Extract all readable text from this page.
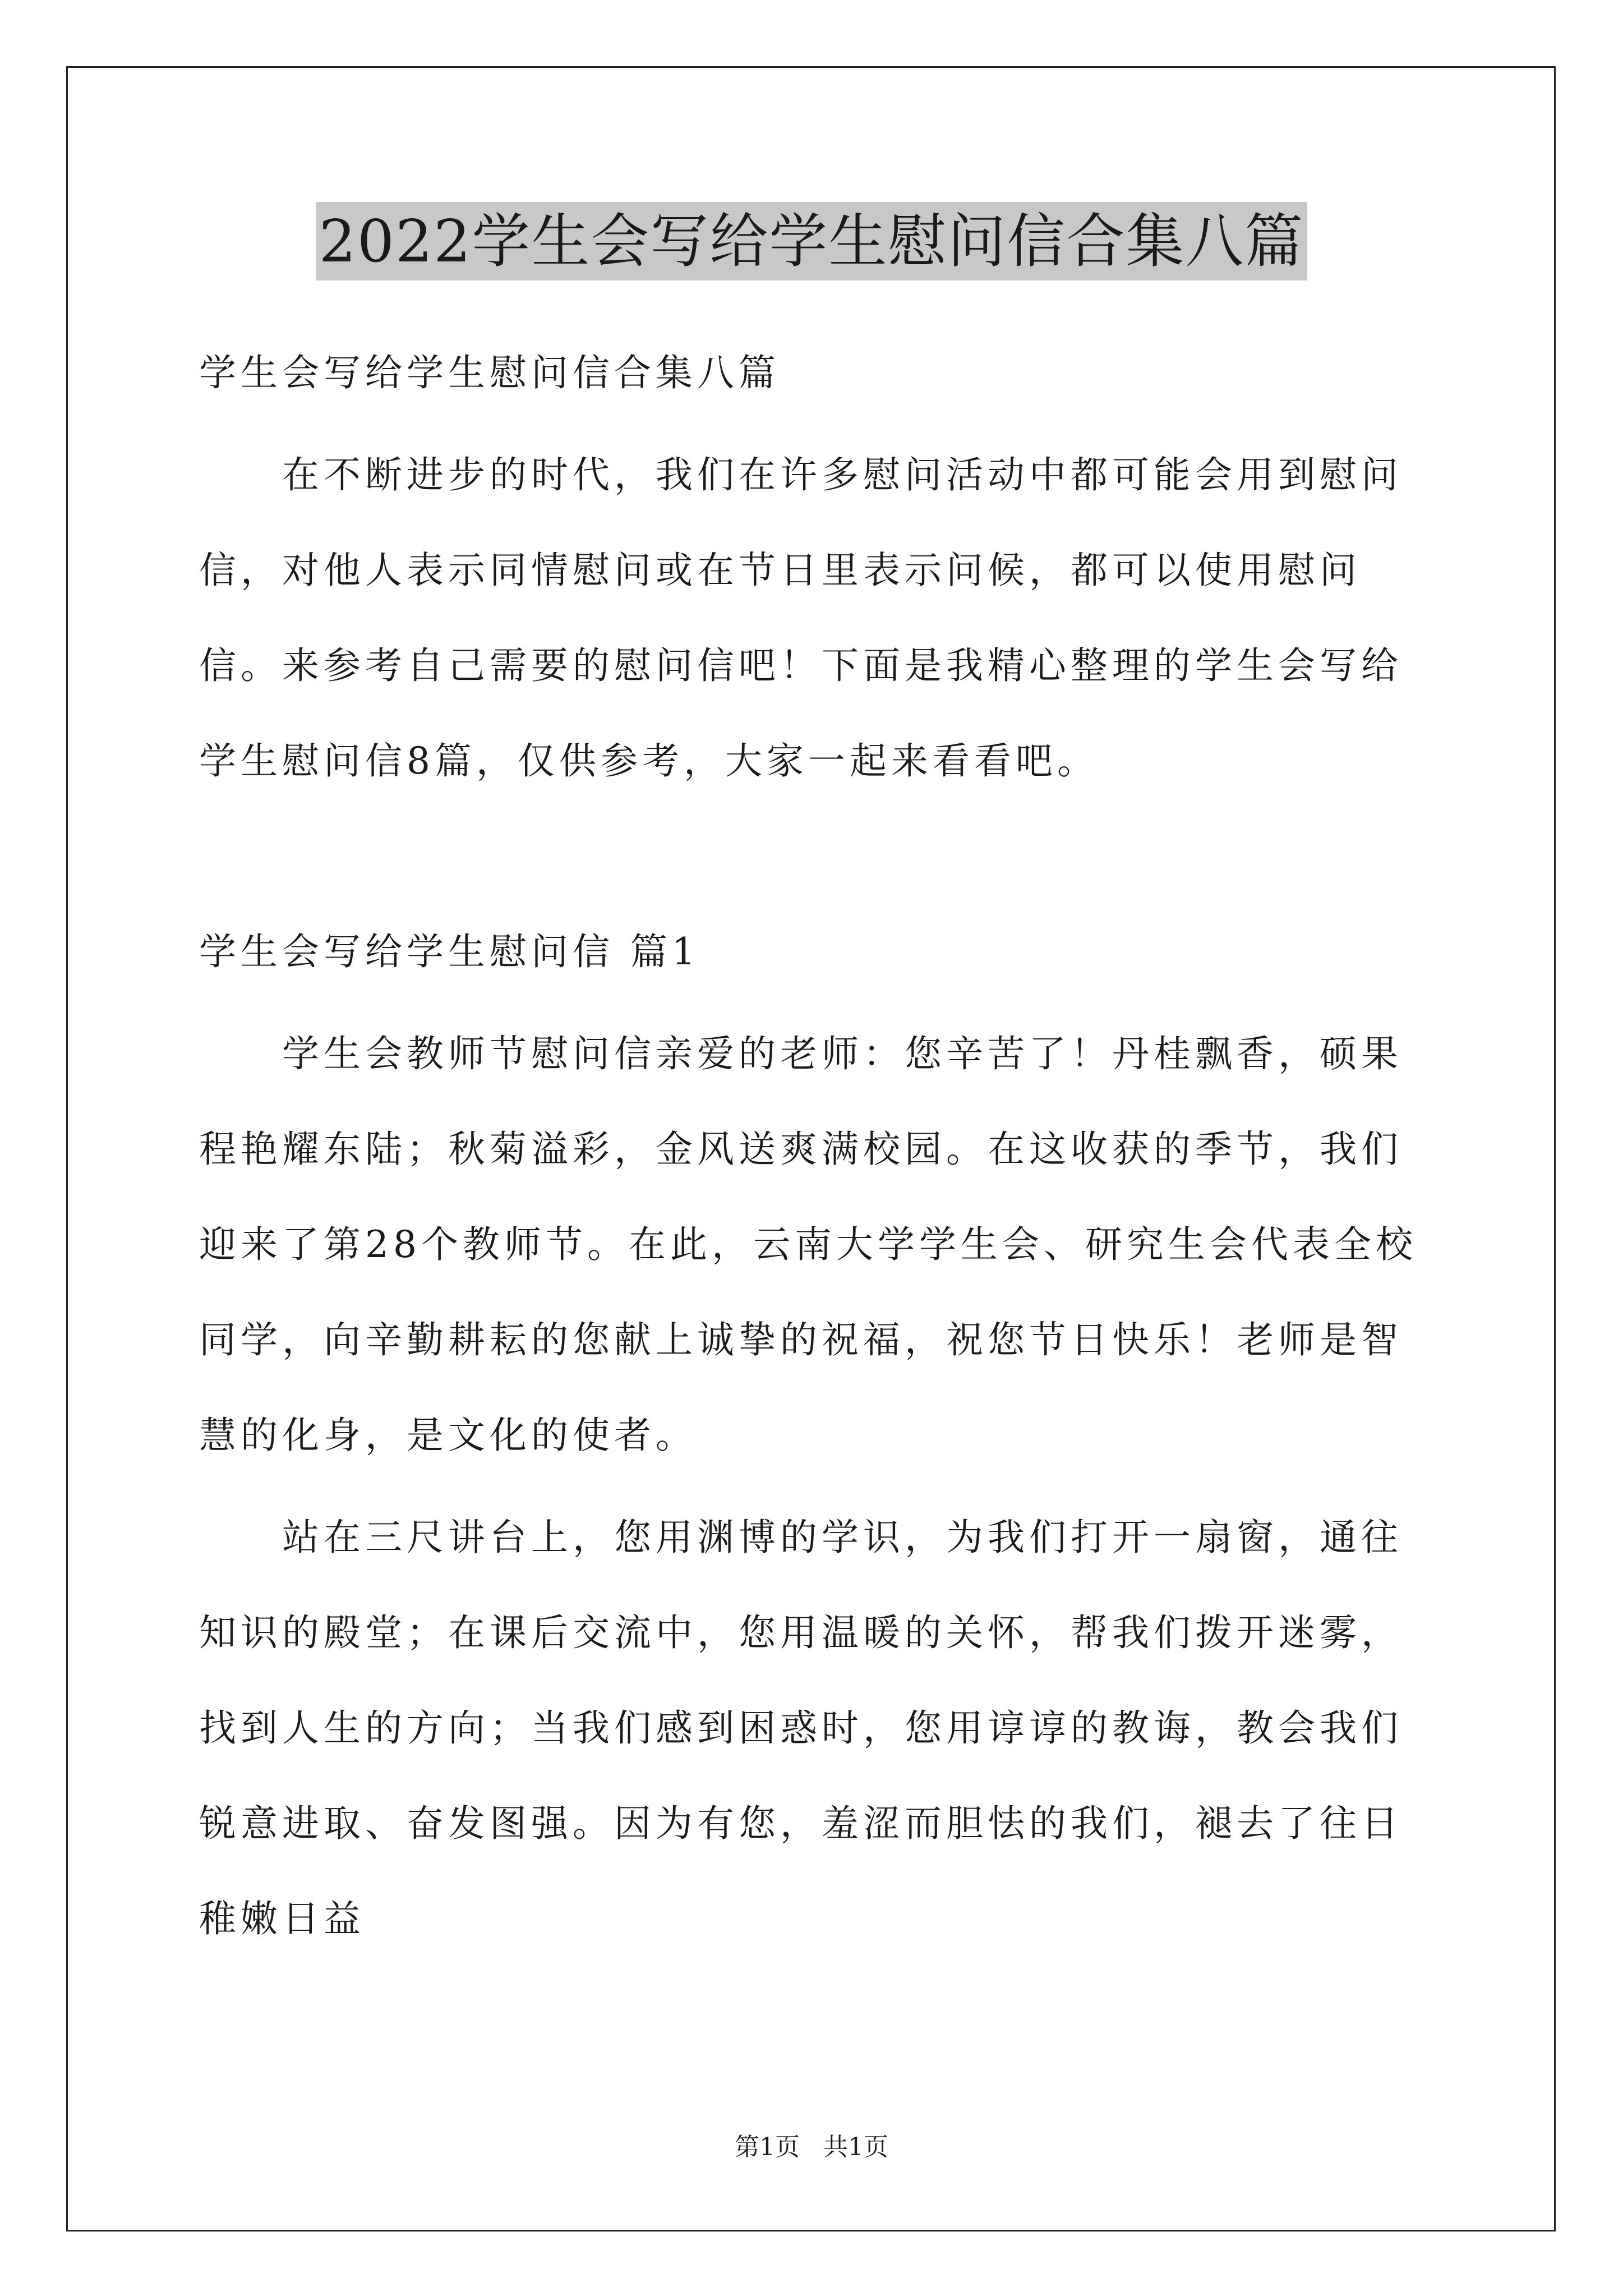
2022学生会写给学生慰问信合集八篇

学生会写给学生慰问信合集八篇

在不断进步的时代，我们在许多慰问活动中都可能会用到慰问信，对他人表示同情慰问或在节日里表示问候，都可以使用慰问信。来参考自己需要的慰问信吧！下面是我精心整理的学生会写给学生慰问信8篇，仅供参考，大家一起来看看吧。

学生会写给学生慰问信 篇1

学生会教师节慰问信亲爱的老师：您辛苦了！丹桂飘香，硕果程艳耀东陆；秋菊溢彩，金风送爽满校园。在这收获的季节，我们迎来了第28个教师节。在此，云南大学学生会、研究生会代表全校同学，向辛勤耕耘的您献上诚挚的祝福，祝您节日快乐！老师是智慧的化身，是文化的使者。

站在三尺讲台上，您用渊博的学识，为我们打开一扇窗，通往知识的殿堂；在课后交流中，您用温暖的关怀，帮我们拨开迷雾，找到人生的方向；当我们感到困惑时，您用谆谆的教诲，教会我们锐意进取、奋发图强。因为有您，羞涩而胆怯的我们，褪去了往日稚嫩日益

第1页 共1页
